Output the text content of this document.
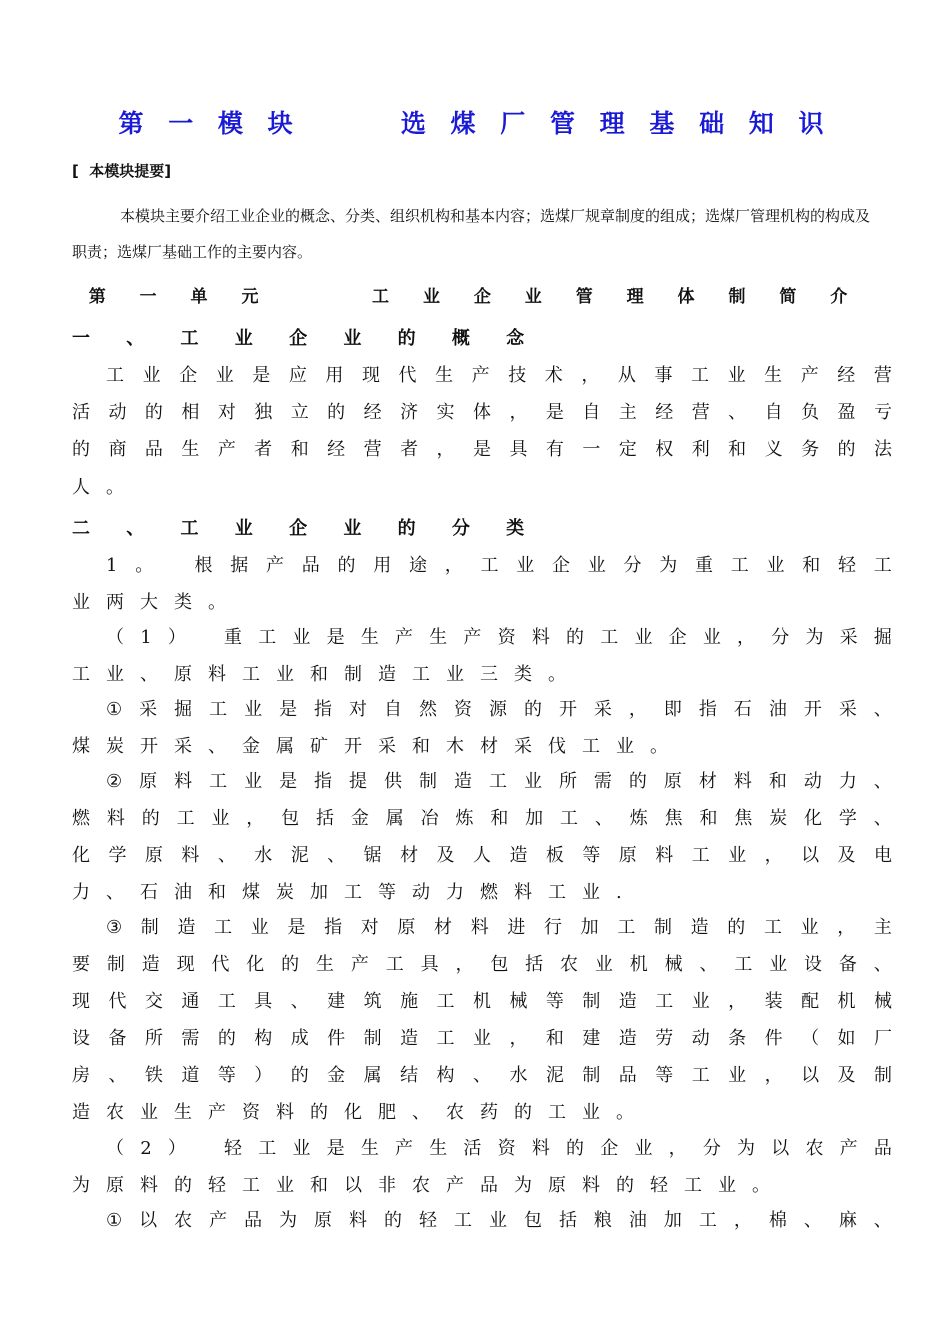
第 一 模 块      选 煤 厂 管 理 基 础 知 识
[  本模块提要]

本模块主要介绍工业企业的概念、分类、组织机构和基本内容；选煤厂规章制度的组成；选煤厂管理机构的构成及职责；选煤厂基础工作的主要内容。

第 一 单 元     工 业 企 业 管 理 体 制 简 介
一 、 工 业 企 业 的 概 念
工 业 企 业 是 应 用 现 代 生 产 技 术 ， 从 事 工 业 生 产 经 营
活 动 的 相 对 独 立 的 经 济 实 体 ， 是 自 主 经 营 、 自 负 盈 亏
的 商 品 生 产 者 和 经 营 者 ， 是 具 有 一 定 权 利 和 义 务 的 法
人 。
二 、 工 业 企 业 的 分 类
1 。
根 据 产 品 的 用 途 ， 工 业 企 业 分 为 重 工 业 和 轻 工
业 两 大 类 。
（ 1 ）
重 工 业 是 生 产 生 产 资 料 的 工 业 企 业 ， 分 为 采 掘
工 业 、 原 料 工 业 和 制 造 工 业 三 类 。
① 采 掘 工 业 是 指 对 自 然 资 源 的 开 采 ， 即 指 石 油 开 采 、
煤 炭 开 采 、 金 属 矿 开 采 和 木 材 采 伐 工 业 。
② 原 料 工 业 是 指 提 供 制 造 工 业 所 需 的 原 材 料 和 动 力 、
燃 料 的 工 业 ， 包 括 金 属 冶 炼 和 加 工 、 炼 焦 和 焦 炭 化 学 、
化 学 原 料 、 水 泥 、 锯 材 及 人 造 板 等 原 料 工 业 ， 以 及 电
力 、 石 油 和 煤 炭 加 工 等 动 力 燃 料 工 业 .
③ 制 造 工 业 是 指 对 原 材 料 进 行 加 工 制 造 的 工 业 ， 主
要 制 造 现 代 化 的 生 产 工 具 ， 包 括 农 业 机 械 、 工 业 设 备 、
现 代 交 通 工 具 、 建 筑 施 工 机 械 等 制 造 工 业 ， 装 配 机 械
设 备 所 需 的 构 成 件 制 造 工 业 ， 和 建 造 劳 动 条 件 （ 如 厂
房 、 铁 道 等 ） 的 金 属 结 构 、 水 泥 制 品 等 工 业 ， 以 及 制
造 农 业 生 产 资 料 的 化 肥 、 农 药 的 工 业 。
（ 2 ）
轻 工 业 是 生 产 生 活 资 料 的 企 业 ， 分 为 以 农 产 品
为 原 料 的 轻 工 业 和 以 非 农 产 品 为 原 料 的 轻 工 业 。
① 以 农 产 品 为 原 料 的 轻 工 业 包 括 粮 油 加 工 ， 棉 、 麻 、
